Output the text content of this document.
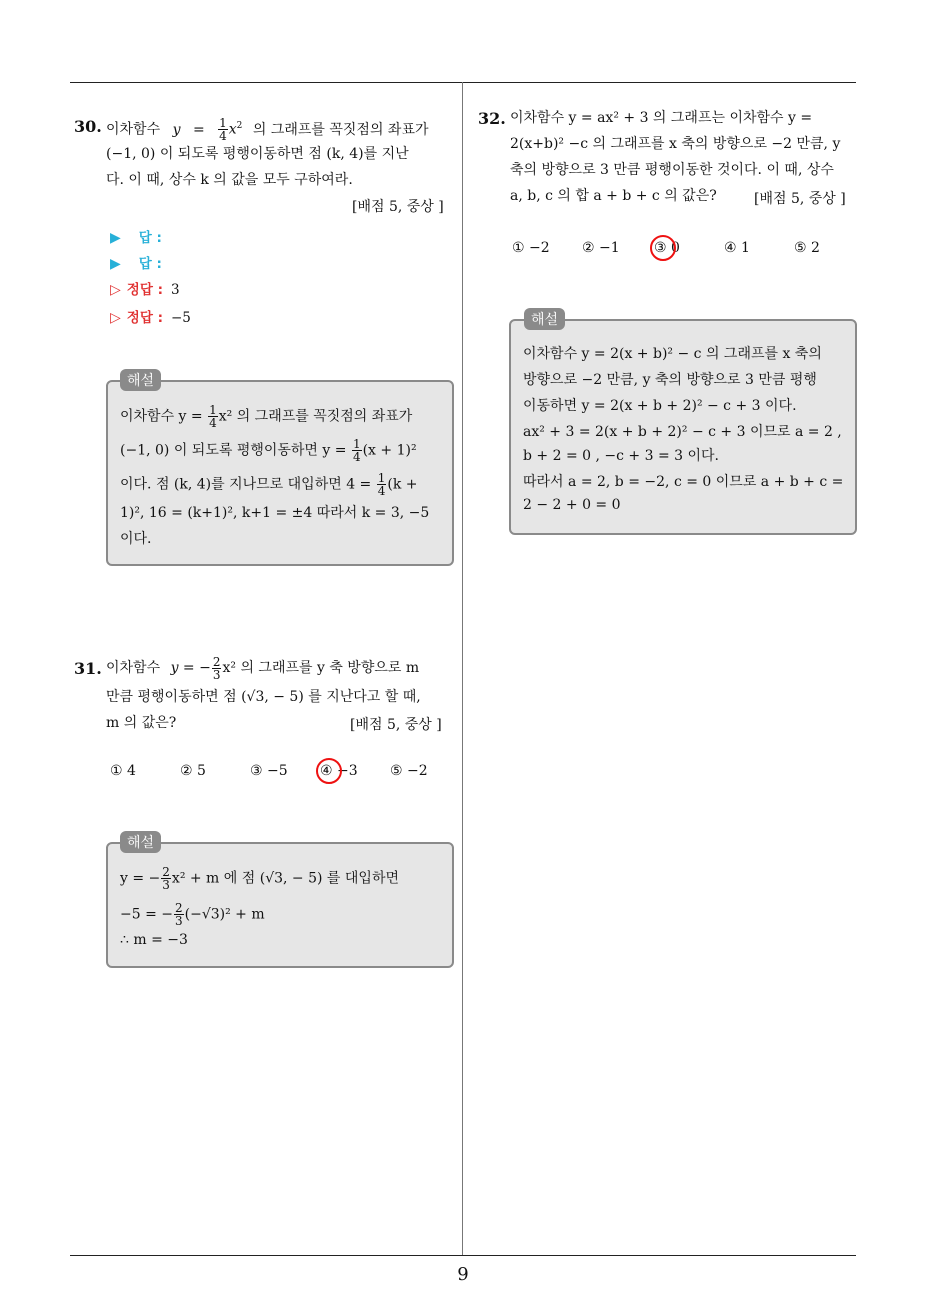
9
30. 이차함수 $y = \frac{1}{4} x^2$ 의 그래프를 꼭짓점의 좌표가
(−1, 0) 이 되도록 평행이동하면 점 (k, 4)를 지난
다. 이 때, 상수 k 의 값을 모두 구하여라.
[배점 5, 중상 ]
▶ 답 :
▶ 답 :
▷ 정답 : 3
▷ 정답 : −5
이차함수 $y = \frac{1}{4} x^2$ 의 그래프를 꼭짓점의 좌표가
(−1, 0) 이 되도록 평행이동하면 $y = \frac{1}{4} (x + 1)^2$
이다. 점 (k, 4)를 지나므로 대입하면 $4 = \frac{1}{4} (k$ +
1)², 16 = (k+1)², k+1 = ±4 따라서 k = 3, −5
이다.
해설
31. 이차함수 y = − $\frac{2}{3} x^2$ 의 그래프를 y 축 방향으로 m
만큼 평행이동하면 점 (√3, − 5) 를 지난다고 할 때,
m 의 값은?	[배점 5, 중상 ]
① 4	② 5	③ −5 ④ −3 ⑤ −2
y = − $\frac{2}{3} x^2 + m$ 에 점 (√3, − 5) 를 대입하면
−5 = − $\frac{2}{3} (-√3)^2 + m$
∴ m = −3
해설
32. 이차함수 y = ax² + 3 의 그래프는 이차함수 y =
2(x+b)² −c 의 그래프를 x 축의 방향으로 −2 만큼, y
축의 방향으로 3 만큼 평행이동한 것이다. 이 때, 상수
a, b, c 의 합 a + b + c 의 값은?	[배점 5, 중상 ]
① −2 ② −1 ③ 0	④ 1	⑤ 2
이차함수 y = 2(x + b)² − c 의 그래프를 x 축의
방향으로 −2 만큼, y 축의 방향으로 3 만큼 평행
이동하면 y = 2(x + b + 2)² − c + 3 이다.
ax² + 3 = 2(x + b + 2)² − c + 3 이므로 a = 2 ,
b + 2 = 0 , −c + 3 = 3 이다.
따라서 a = 2, b = −2, c = 0 이므로 a + b + c =
2 − 2 + 0 = 0
해설
